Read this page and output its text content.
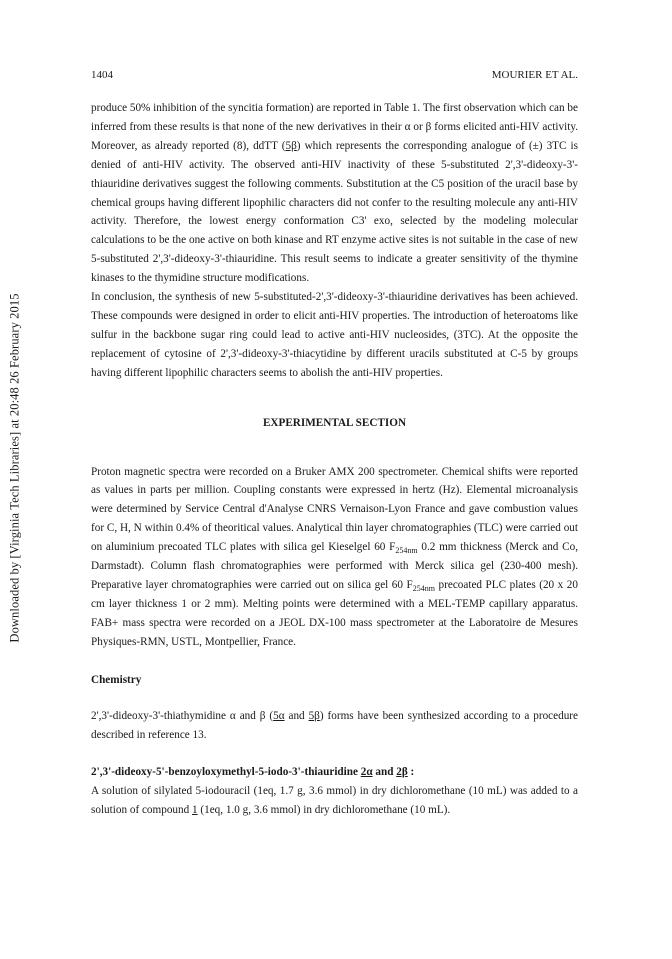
Downloaded by [Virginia Tech Libraries] at 20:48 26 February 2015
1404	MOURIER ET AL.

produce 50% inhibition of the syncitia formation) are reported in Table 1. The first observation which can be inferred from these results is that none of the new derivatives in their α or β forms elicited anti-HIV activity. Moreover, as already reported (8), ddTT (5β) which represents the corresponding analogue of (±) 3TC is denied of anti-HIV activity. The observed anti-HIV inactivity of these 5-substituted 2',3'-dideoxy-3'-thiauridine derivatives suggest the following comments. Substitution at the C5 position of the uracil base by chemical groups having different lipophilic characters did not confer to the resulting molecule any anti-HIV activity. Therefore, the lowest energy conformation C3' exo, selected by the modeling molecular calculations to be the one active on both kinase and RT enzyme active sites is not suitable in the case of new 5-substituted 2',3'-dideoxy-3'-thiauridine. This result seems to indicate a greater sensitivity of the thymine kinases to the thymidine structure modifications.

In conclusion, the synthesis of new 5-substituted-2',3'-dideoxy-3'-thiauridine derivatives has been achieved. These compounds were designed in order to elicit anti-HIV properties. The introduction of heteroatoms like sulfur in the backbone sugar ring could lead to active anti-HIV nucleosides, (3TC). At the opposite the replacement of cytosine of 2',3'-dideoxy-3'-thiacytidine by different uracils substituted at C-5 by groups having different lipophilic characters seems to abolish the anti-HIV properties.

EXPERIMENTAL SECTION

Proton magnetic spectra were recorded on a Bruker AMX 200 spectrometer. Chemical shifts were reported as values in parts per million. Coupling constants were expressed in hertz (Hz). Elemental microanalysis were determined by Service Central d'Analyse CNRS Vernaison-Lyon France and gave combustion values for C, H, N within 0.4% of theoritical values. Analytical thin layer chromatographies (TLC) were carried out on aluminium precoated TLC plates with silica gel Kieselgel 60 $F_{254nm}$ 0.2 mm thickness (Merck and Co, Darmstadt). Column flash chromatographies were performed with Merck silica gel (230-400 mesh). Preparative layer chromatographies were carried out on silica gel 60 $F_{254nm}$ precoated PLC plates (20 x 20 cm layer thickness 1 or 2 mm). Melting points were determined with a MEL-TEMP capillary apparatus. FAB+ mass spectra were recorded on a JEOL DX-100 mass spectrometer at the Laboratoire de Mesures Physiques-RMN, USTL, Montpellier, France.

Chemistry

2',3'-dideoxy-3'-thiathymidine α and β (5α and 5β) forms have been synthesized according to a procedure described in reference 13.

2',3'-dideoxy-5'-benzoyloxymethyl-5-iodo-3'-thiauridine 2α and 2β :

A solution of silylated 5-iodouracil (1eq, 1.7 g, 3.6 mmol) in dry dichloromethane (10 mL) was added to a solution of compound 1 (1eq, 1.0 g, 3.6 mmol) in dry dichloromethane (10 mL).
